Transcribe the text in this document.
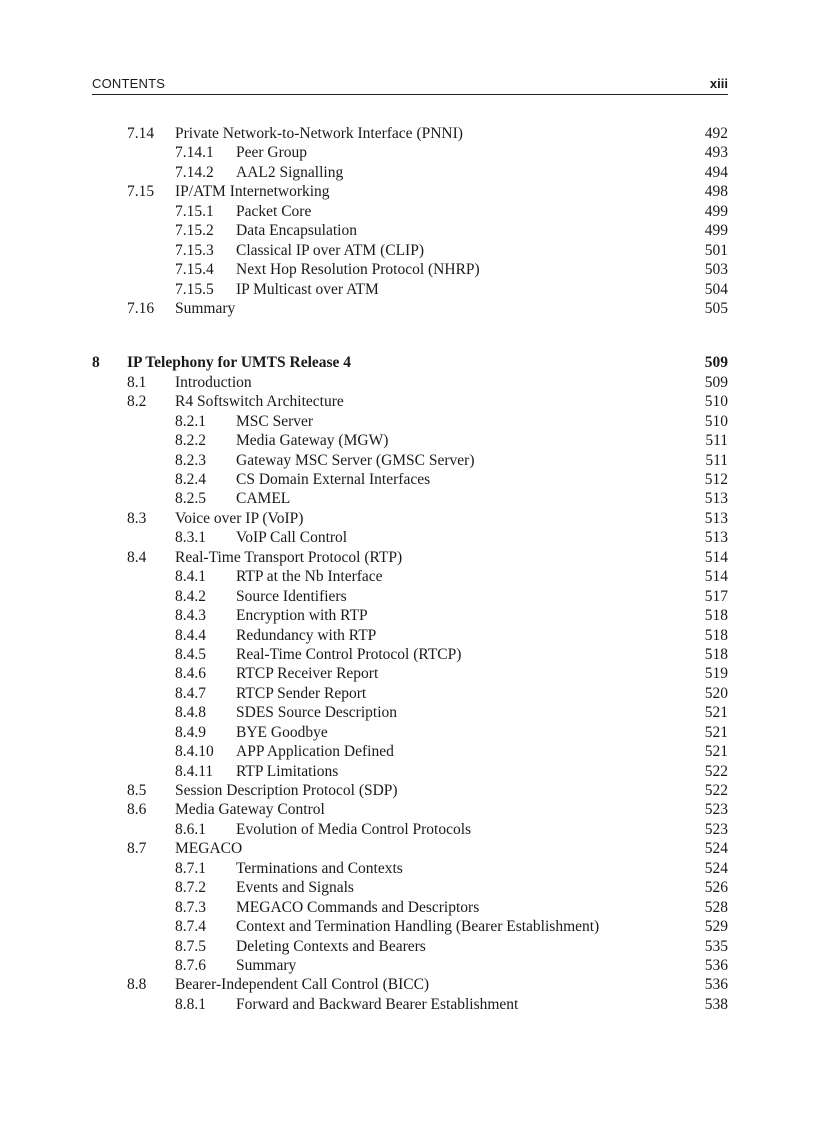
CONTENTS	xiii
7.14 Private Network-to-Network Interface (PNNI)	492
7.14.1 Peer Group	493
7.14.2 AAL2 Signalling	494
7.15 IP/ATM Internetworking	498
7.15.1 Packet Core	499
7.15.2 Data Encapsulation	499
7.15.3 Classical IP over ATM (CLIP)	501
7.15.4 Next Hop Resolution Protocol (NHRP)	503
7.15.5 IP Multicast over ATM	504
7.16 Summary	505
8 IP Telephony for UMTS Release 4	509
8.1 Introduction	509
8.2 R4 Softswitch Architecture	510
8.2.1 MSC Server	510
8.2.2 Media Gateway (MGW)	511
8.2.3 Gateway MSC Server (GMSC Server)	511
8.2.4 CS Domain External Interfaces	512
8.2.5 CAMEL	513
8.3 Voice over IP (VoIP)	513
8.3.1 VoIP Call Control	513
8.4 Real-Time Transport Protocol (RTP)	514
8.4.1 RTP at the Nb Interface	514
8.4.2 Source Identifiers	517
8.4.3 Encryption with RTP	518
8.4.4 Redundancy with RTP	518
8.4.5 Real-Time Control Protocol (RTCP)	518
8.4.6 RTCP Receiver Report	519
8.4.7 RTCP Sender Report	520
8.4.8 SDES Source Description	521
8.4.9 BYE Goodbye	521
8.4.10 APP Application Defined	521
8.4.11 RTP Limitations	522
8.5 Session Description Protocol (SDP)	522
8.6 Media Gateway Control	523
8.6.1 Evolution of Media Control Protocols	523
8.7 MEGACO	524
8.7.1 Terminations and Contexts	524
8.7.2 Events and Signals	526
8.7.3 MEGACO Commands and Descriptors	528
8.7.4 Context and Termination Handling (Bearer Establishment)	529
8.7.5 Deleting Contexts and Bearers	535
8.7.6 Summary	536
8.8 Bearer-Independent Call Control (BICC)	536
8.8.1 Forward and Backward Bearer Establishment	538
